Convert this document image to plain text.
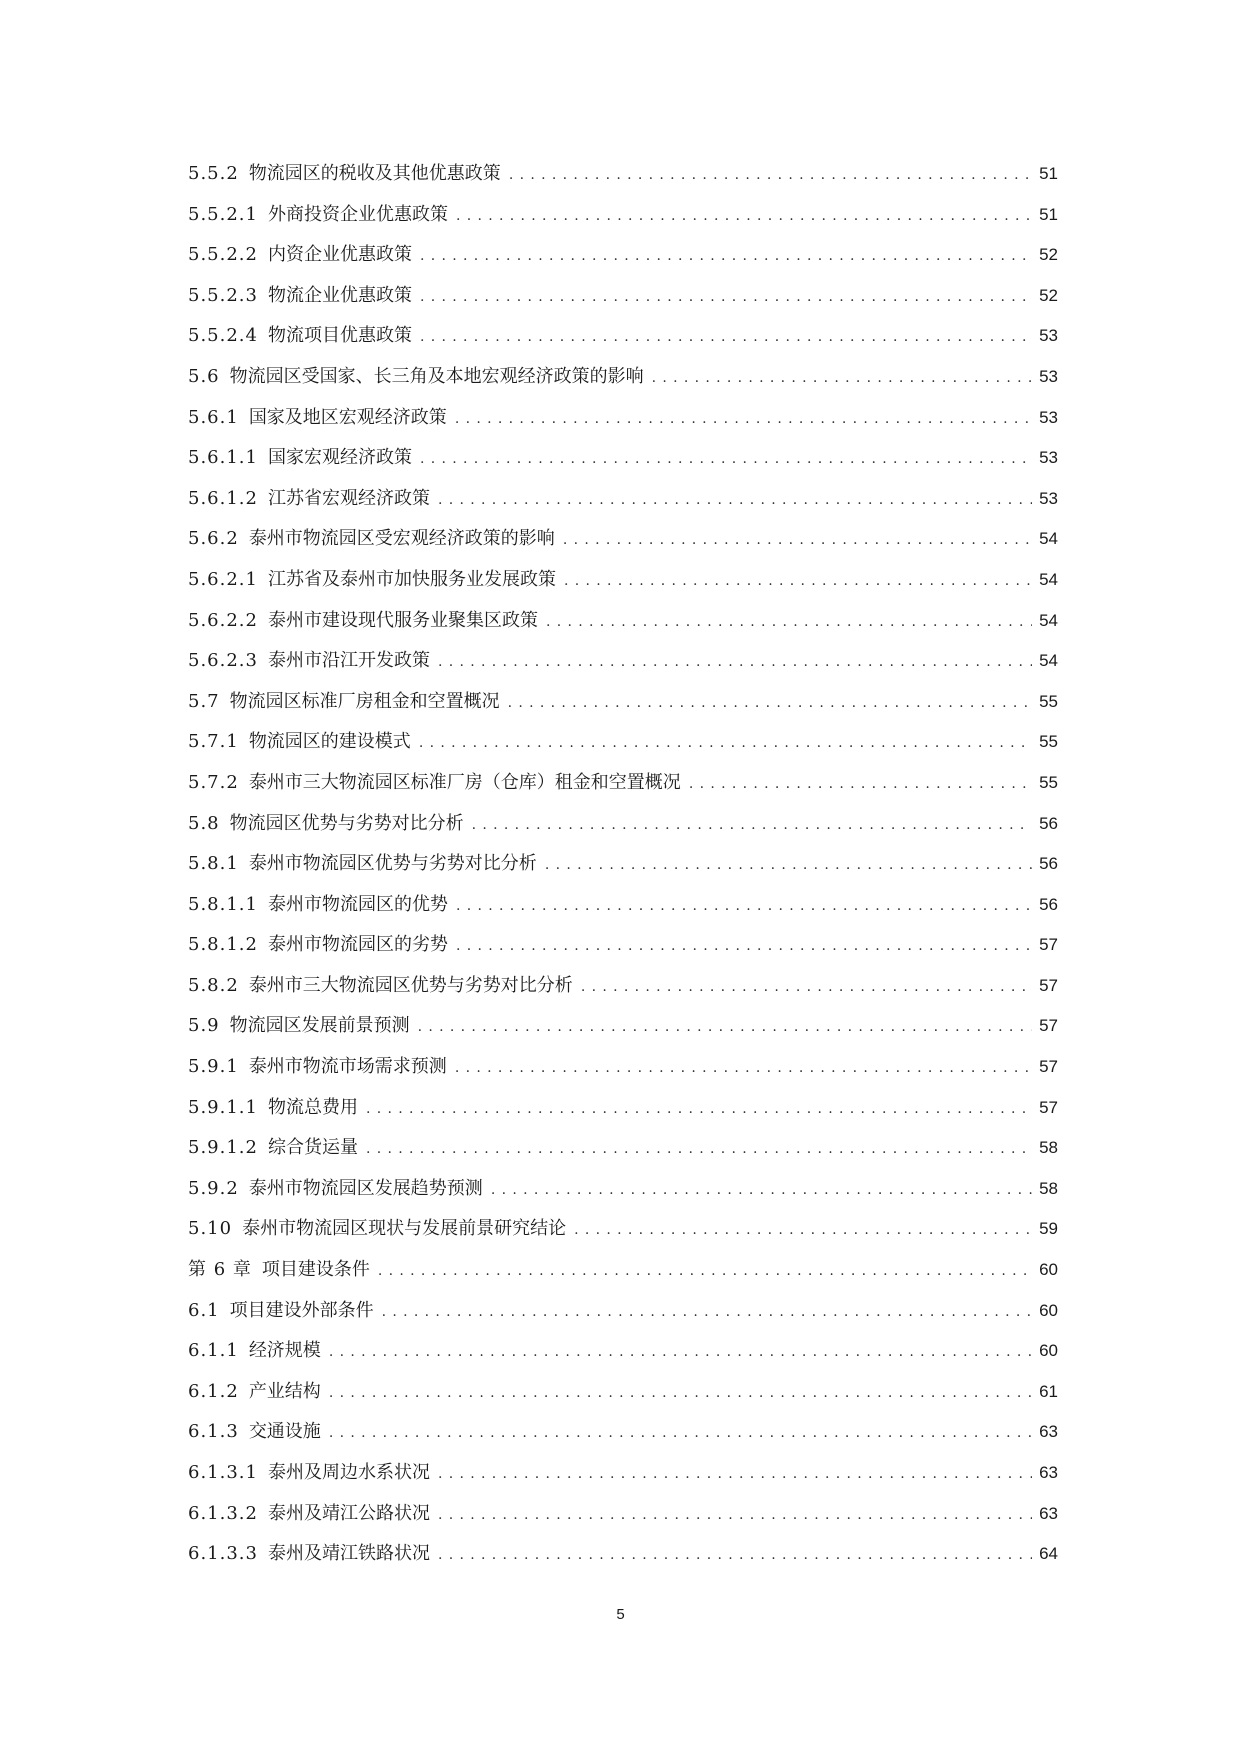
5.5.2 物流园区的税收及其他优惠政策 .....	51
5.5.2.1 外商投资企业优惠政策 .....	51
5.5.2.2 内资企业优惠政策 .....	52
5.5.2.3 物流企业优惠政策 .....	52
5.5.2.4 物流项目优惠政策 .....	53
5.6 物流园区受国家、长三角及本地宏观经济政策的影响 .....	53
5.6.1 国家及地区宏观经济政策 .....	53
5.6.1.1 国家宏观经济政策 .....	53
5.6.1.2 江苏省宏观经济政策 .....	53
5.6.2 泰州市物流园区受宏观经济政策的影响 .....	54
5.6.2.1 江苏省及泰州市加快服务业发展政策 .....	54
5.6.2.2 泰州市建设现代服务业聚集区政策 .....	54
5.6.2.3 泰州市沿江开发政策 .....	54
5.7 物流园区标准厂房租金和空置概况 .....	55
5.7.1 物流园区的建设模式 .....	55
5.7.2 泰州市三大物流园区标准厂房（仓库）租金和空置概况 .....	55
5.8 物流园区优势与劣势对比分析 .....	56
5.8.1 泰州市物流园区优势与劣势对比分析 .....	56
5.8.1.1 泰州市物流园区的优势 .....	56
5.8.1.2 泰州市物流园区的劣势 .....	57
5.8.2 泰州市三大物流园区优势与劣势对比分析 .....	57
5.9 物流园区发展前景预测 .....	57
5.9.1 泰州市物流市场需求预测 .....	57
5.9.1.1 物流总费用 .....	57
5.9.1.2 综合货运量 .....	58
5.9.2 泰州市物流园区发展趋势预测 .....	58
5.10 泰州市物流园区现状与发展前景研究结论 .....	59
第 6 章 项目建设条件 .....	60
6.1 项目建设外部条件 .....	60
6.1.1 经济规模 .....	60
6.1.2 产业结构 .....	61
6.1.3 交通设施 .....	63
6.1.3.1 泰州及周边水系状况 .....	63
6.1.3.2 泰州及靖江公路状况 .....	63
6.1.3.3 泰州及靖江铁路状况 .....	64
5
